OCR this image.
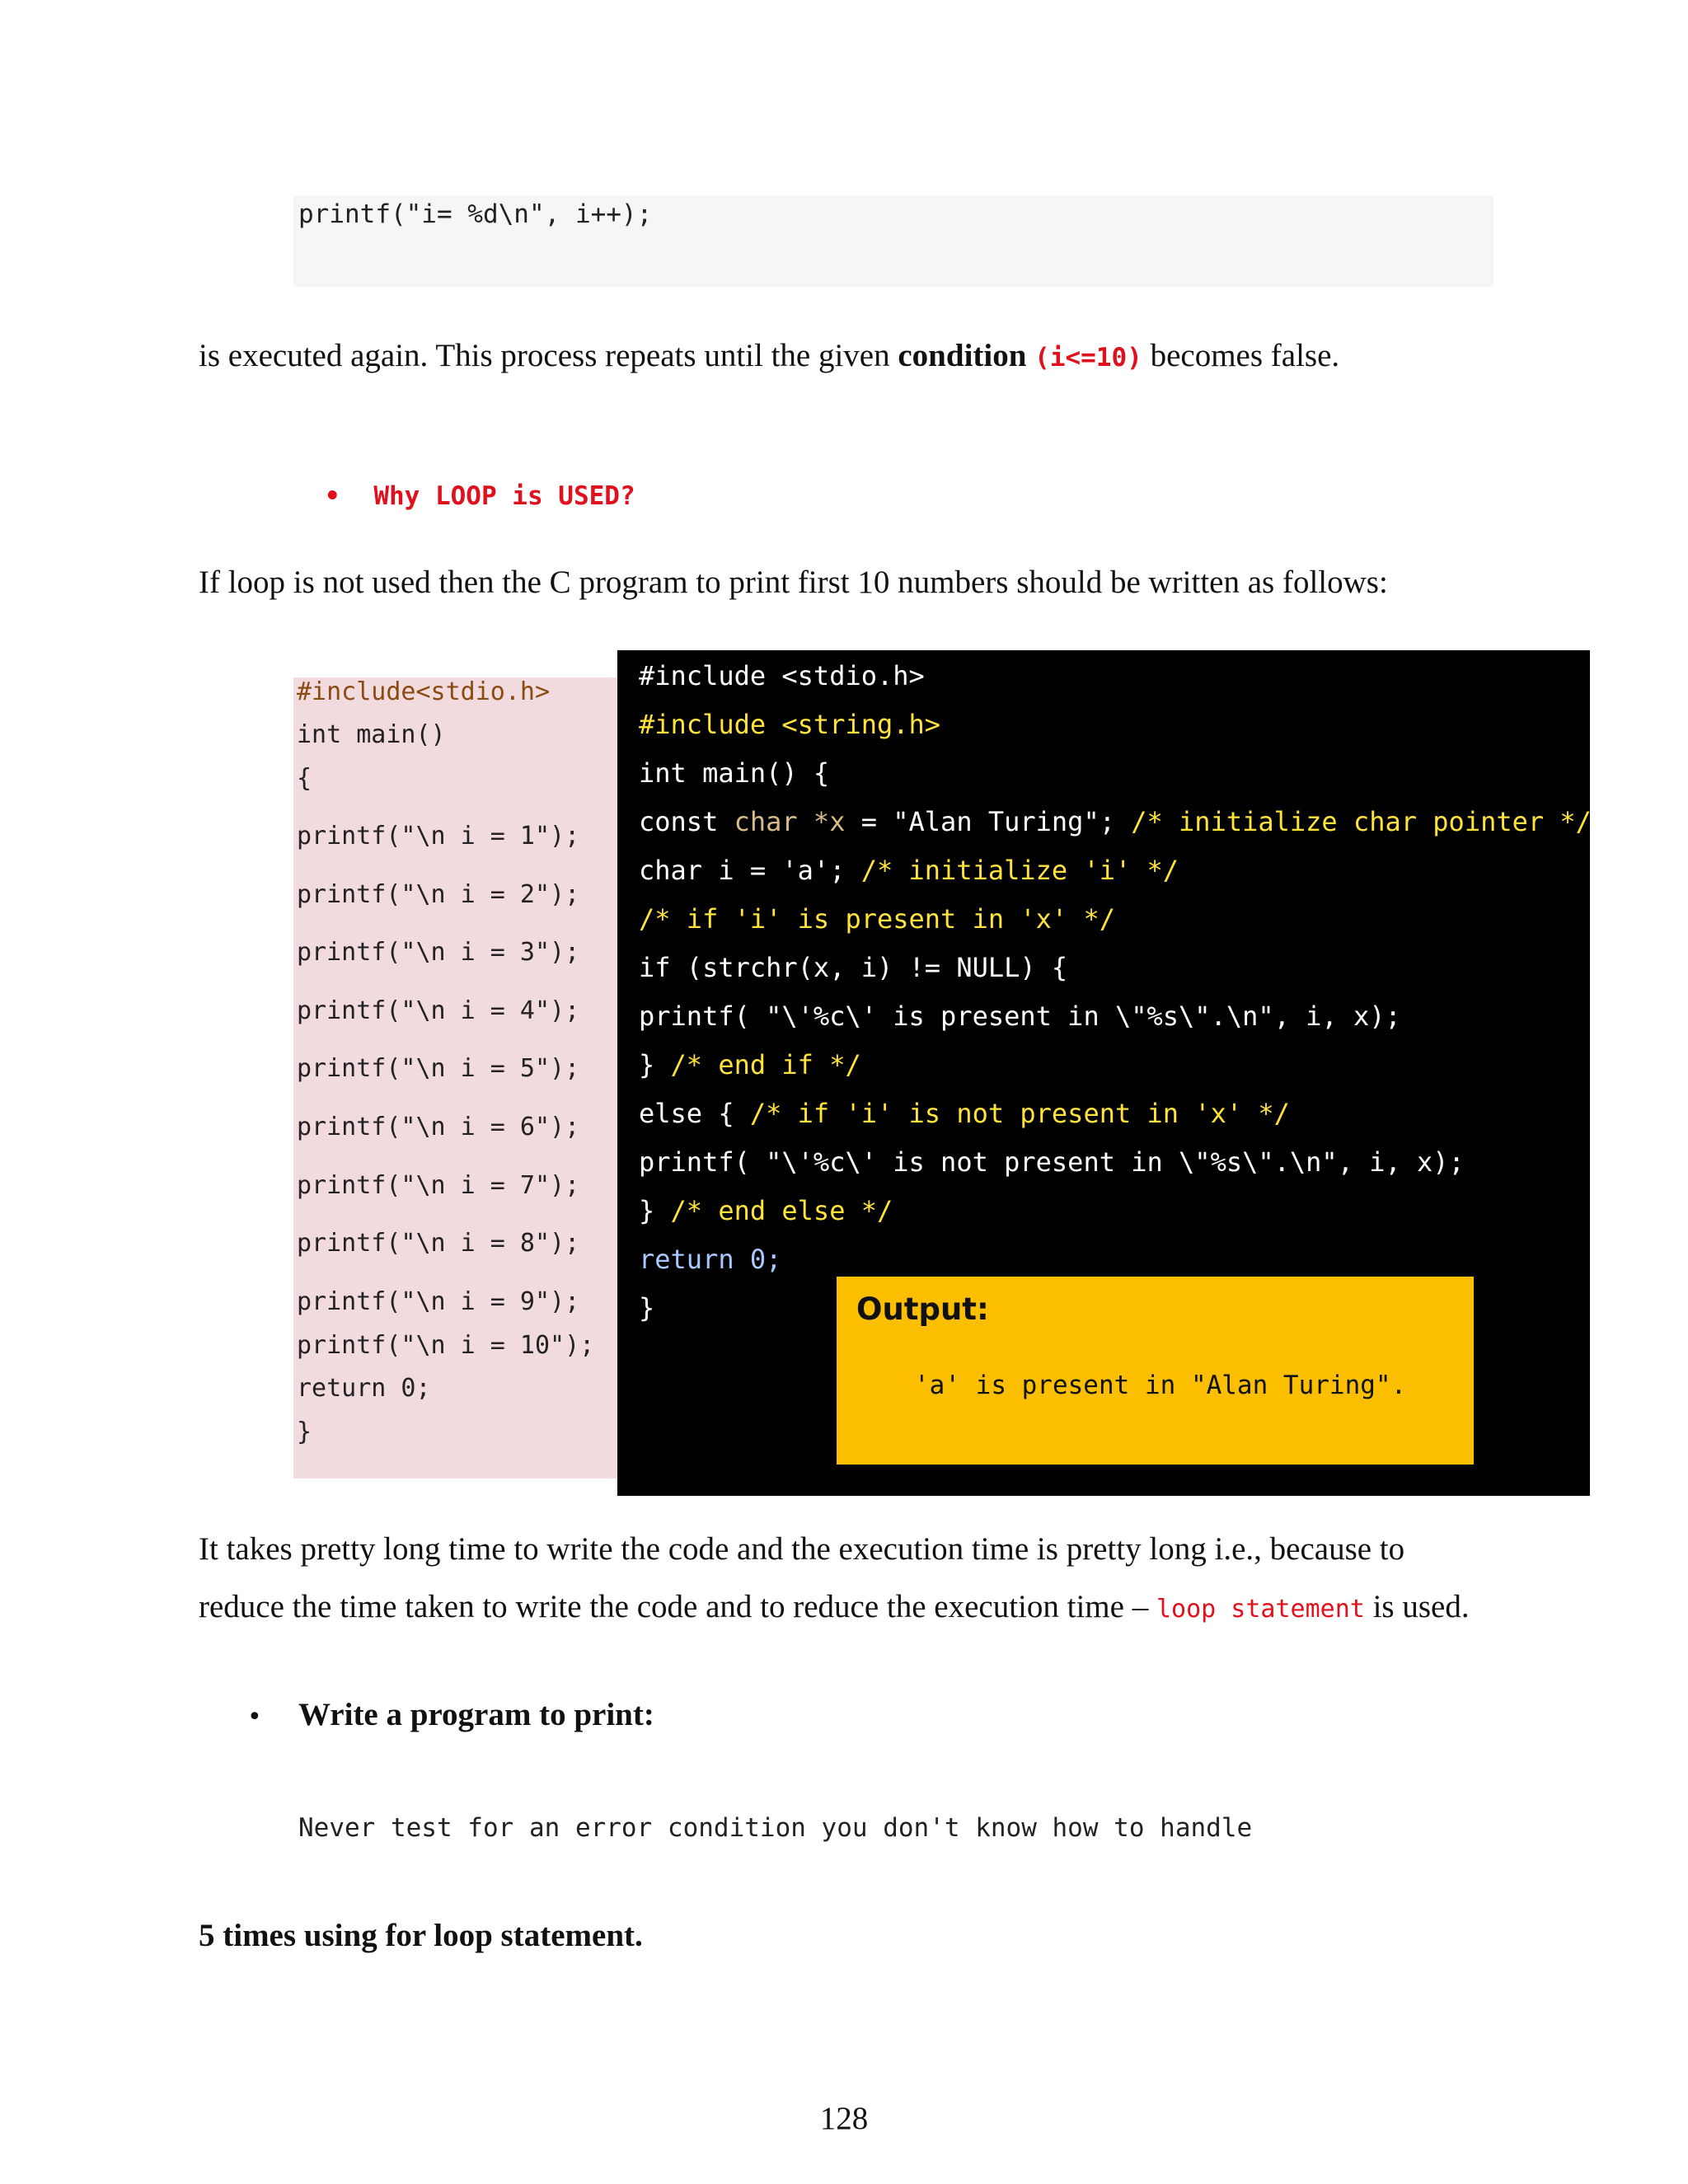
printf("i= %d\n", i++);
is executed again. This process repeats until the given condition (i<=10) becomes false.

• Why LOOP is USED?

If loop is not used then the C program to print first 10 numbers should be written as follows:
#include<stdio.h>
int main()
{
printf("\n i = 1");
printf("\n i = 2");
printf("\n i = 3");
printf("\n i = 4");
printf("\n i = 5");
printf("\n i = 6");
printf("\n i = 7");
printf("\n i = 8");
printf("\n i = 9");
printf("\n i = 10");
return 0;
}
#include <stdio.h>
#include <string.h>
int main() {
const char *x = "Alan Turing"; /* initialize char pointer */
char i = 'a'; /* initialize 'i' */
/* if 'i' is present in 'x' */
if (strchr(x, i) != NULL) {
printf( "\'%c\' is present in \"%s\".\n", i, x);
} /* end if */
else { /* if 'i' is not present in 'x' */
printf( "\'%c\' is not present in \"%s\".\n", i, x);
} /* end else */
return 0;
}	Output:
'a' is present in "Alan Turing".
It takes pretty long time to write the code and the execution time is pretty long i.e., because to
reduce the time taken to write the code and to reduce the execution time – loop statement is used.
• Write a program to print:
Never test for an error condition you don't know how to handle
5 times using for loop statement.
128
